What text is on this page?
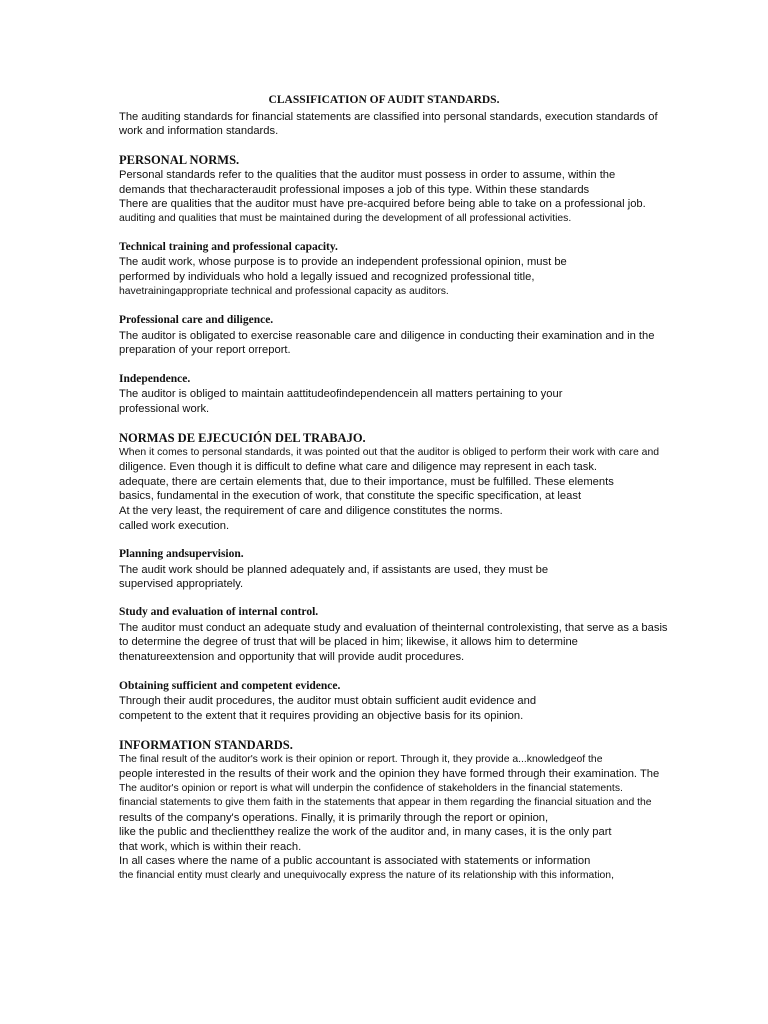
CLASSIFICATION OF AUDIT STANDARDS.
The auditing standards for financial statements are classified into personal standards, execution standards of
work and information standards.
PERSONAL NORMS.
Personal standards refer to the qualities that the auditor must possess in order to assume, within the
demands that thecharacteraudit professional imposes a job of this type. Within these standards
There are qualities that the auditor must have pre-acquired before being able to take on a professional job.
auditing and qualities that must be maintained during the development of all professional activities.
Technical training and professional capacity.
The audit work, whose purpose is to provide an independent professional opinion, must be
performed by individuals who hold a legally issued and recognized professional title,
havetrainingappropriate technical and professional capacity as auditors.
Professional care and diligence.
The auditor is obligated to exercise reasonable care and diligence in conducting their examination and in the
preparation of your report orreport.
Independence.
The auditor is obliged to maintain aattitudeofindependencein all matters pertaining to your
professional work.
NORMAS DE EJECUCIÓN DEL TRABAJO.
When it comes to personal standards, it was pointed out that the auditor is obliged to perform their work with care and
diligence. Even though it is difficult to define what care and diligence may represent in each task.
adequate, there are certain elements that, due to their importance, must be fulfilled. These elements
basics, fundamental in the execution of work, that constitute the specific specification, at least
At the very least, the requirement of care and diligence constitutes the norms.
called work execution.
Planning andsupervision.
The audit work should be planned adequately and, if assistants are used, they must be
supervised appropriately.
Study and evaluation of internal control.
The auditor must conduct an adequate study and evaluation of theinternal controlexisting, that serve as a basis
to determine the degree of trust that will be placed in him; likewise, it allows him to determine
thenatureextension and opportunity that will provide audit procedures.
Obtaining sufficient and competent evidence.
Through their audit procedures, the auditor must obtain sufficient audit evidence and
competent to the extent that it requires providing an objective basis for its opinion.
INFORMATION STANDARDS.
The final result of the auditor's work is their opinion or report. Through it, they provide a...knowledgeof the
people interested in the results of their work and the opinion they have formed through their examination. The
The auditor's opinion or report is what will underpin the confidence of stakeholders in the financial statements.
financial statements to give them faith in the statements that appear in them regarding the financial situation and the
results of the company's operations. Finally, it is primarily through the report or opinion,
like the public and theclientthey realize the work of the auditor and, in many cases, it is the only part
that work, which is within their reach.
In all cases where the name of a public accountant is associated with statements or information
the financial entity must clearly and unequivocally express the nature of its relationship with this information,
